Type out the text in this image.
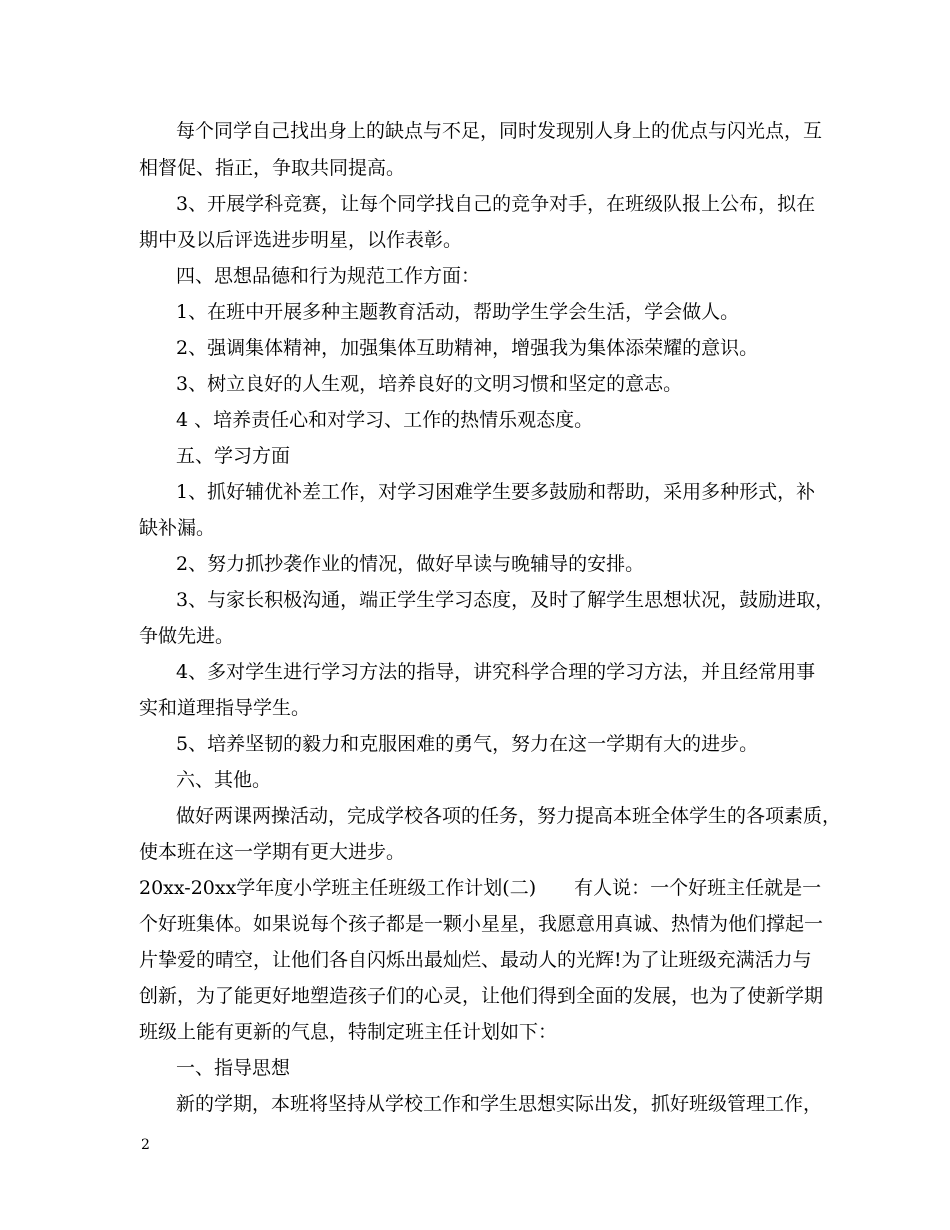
每个同学自己找出身上的缺点与不足，同时发现别人身上的优点与闪光点，互
相督促、指正，争取共同提高。
3、开展学科竞赛，让每个同学找自己的竞争对手，在班级队报上公布，拟在
期中及以后评选进步明星，以作表彰。
四、思想品德和行为规范工作方面：
1、在班中开展多种主题教育活动，帮助学生学会生活，学会做人。
2、强调集体精神，加强集体互助精神，增强我为集体添荣耀的意识。
3、树立良好的人生观，培养良好的文明习惯和坚定的意志。
4 、培养责任心和对学习、工作的热情乐观态度。
五、学习方面
1、抓好辅优补差工作，对学习困难学生要多鼓励和帮助，采用多种形式，补
缺补漏。
2、努力抓抄袭作业的情况，做好早读与晚辅导的安排。
3、与家长积极沟通，端正学生学习态度，及时了解学生思想状况，鼓励进取，
争做先进。
4、多对学生进行学习方法的指导，讲究科学合理的学习方法，并且经常用事
实和道理指导学生。
5、培养坚韧的毅力和克服困难的勇气，努力在这一学期有大的进步。
六、其他。
做好两课两操活动，完成学校各项的任务，努力提高本班全体学生的各项素质，
使本班在这一学期有更大进步。
20xx-20xx学年度小学班主任班级工作计划(二)　　有人说：一个好班主任就是一
个好班集体。如果说每个孩子都是一颗小星星，我愿意用真诚、热情为他们撑起一
片挚爱的晴空，让他们各自闪烁出最灿烂、最动人的光辉!为了让班级充满活力与
创新，为了能更好地塑造孩子们的心灵，让他们得到全面的发展，也为了使新学期
班级上能有更新的气息，特制定班主任计划如下：
一、指导思想
新的学期，本班将坚持从学校工作和学生思想实际出发，抓好班级管理工作，
2
